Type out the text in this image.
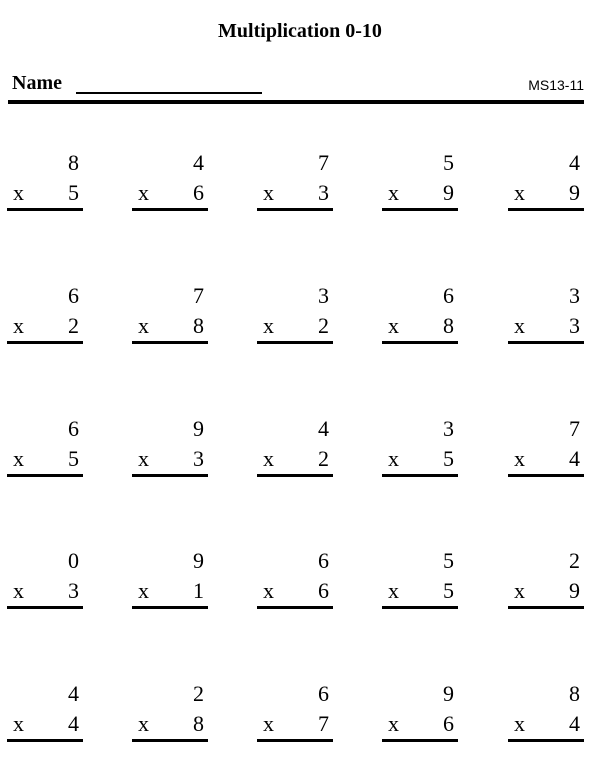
Multiplication 0-10
Name	MS13-11
8
x 5
4
x 6
7
x 3
5
x 9
4
x 9
6
x 2
7
x 8
3
x 2
6
x 8
3
x 3
6
x 5
9
x 3
4
x 2
3
x 5
7
x 4
0
x 3
9
x 1
6
x 6
5
x 5
2
x 9
4
x 4
2
x 8
6
x 7
9
x 6
8
x 4
